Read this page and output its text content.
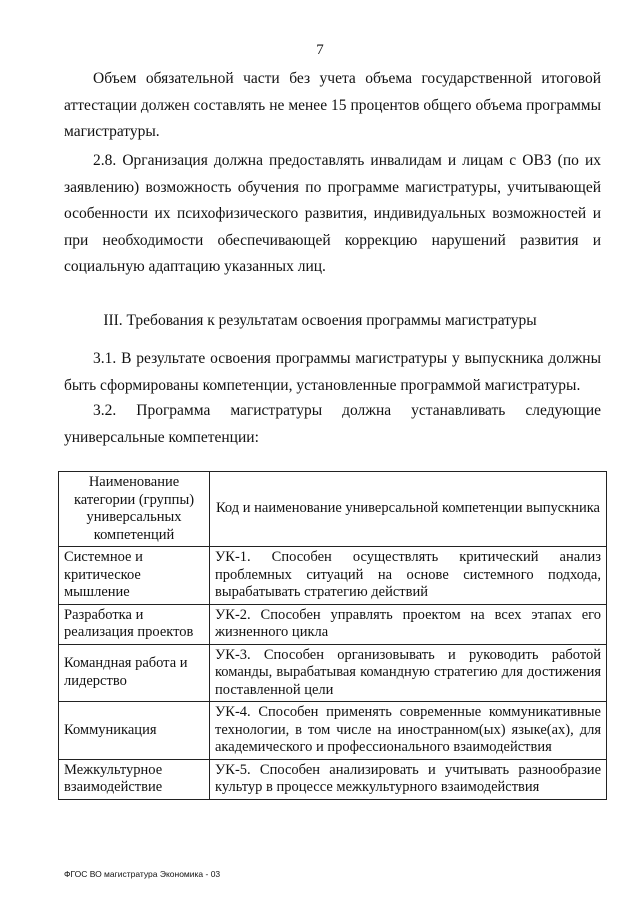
7

Объем обязательной части без учета объема государственной итоговой аттестации должен составлять не менее 15 процентов общего объема программы магистратуры.

2.8. Организация должна предоставлять инвалидам и лицам с ОВЗ (по их заявлению) возможность обучения по программе магистратуры, учитывающей особенности их психофизического развития, индивидуальных возможностей и при необходимости обеспечивающей коррекцию нарушений развития и социальную адаптацию указанных лиц.

III. Требования к результатам освоения программы магистратуры

3.1. В результате освоения программы магистратуры у выпускника должны быть сформированы компетенции, установленные программой магистратуры.

3.2. Программа магистратуры должна устанавливать следующие универсальные компетенции:

Наименование категории (группы) универсальных компетенций	Код и наименование универсальной компетенции выпускника
Системное и критическое мышление	УК-1. Способен осуществлять критический анализ проблемных ситуаций на основе системного подхода, вырабатывать стратегию действий
Разработка и реализация проектов	УК-2. Способен управлять проектом на всех этапах его жизненного цикла
Командная работа и лидерство	УК-3. Способен организовывать и руководить работой команды, вырабатывая командную стратегию для достижения поставленной цели
Коммуникация	УК-4. Способен применять современные коммуникативные технологии, в том числе на иностранном(ых) языке(ах), для академического и профессионального взаимодействия
Межкультурное взаимодействие	УК-5. Способен анализировать и учитывать разнообразие культур в процессе межкультурного взаимодействия
ФГОС ВО магистратура Экономика - 03
